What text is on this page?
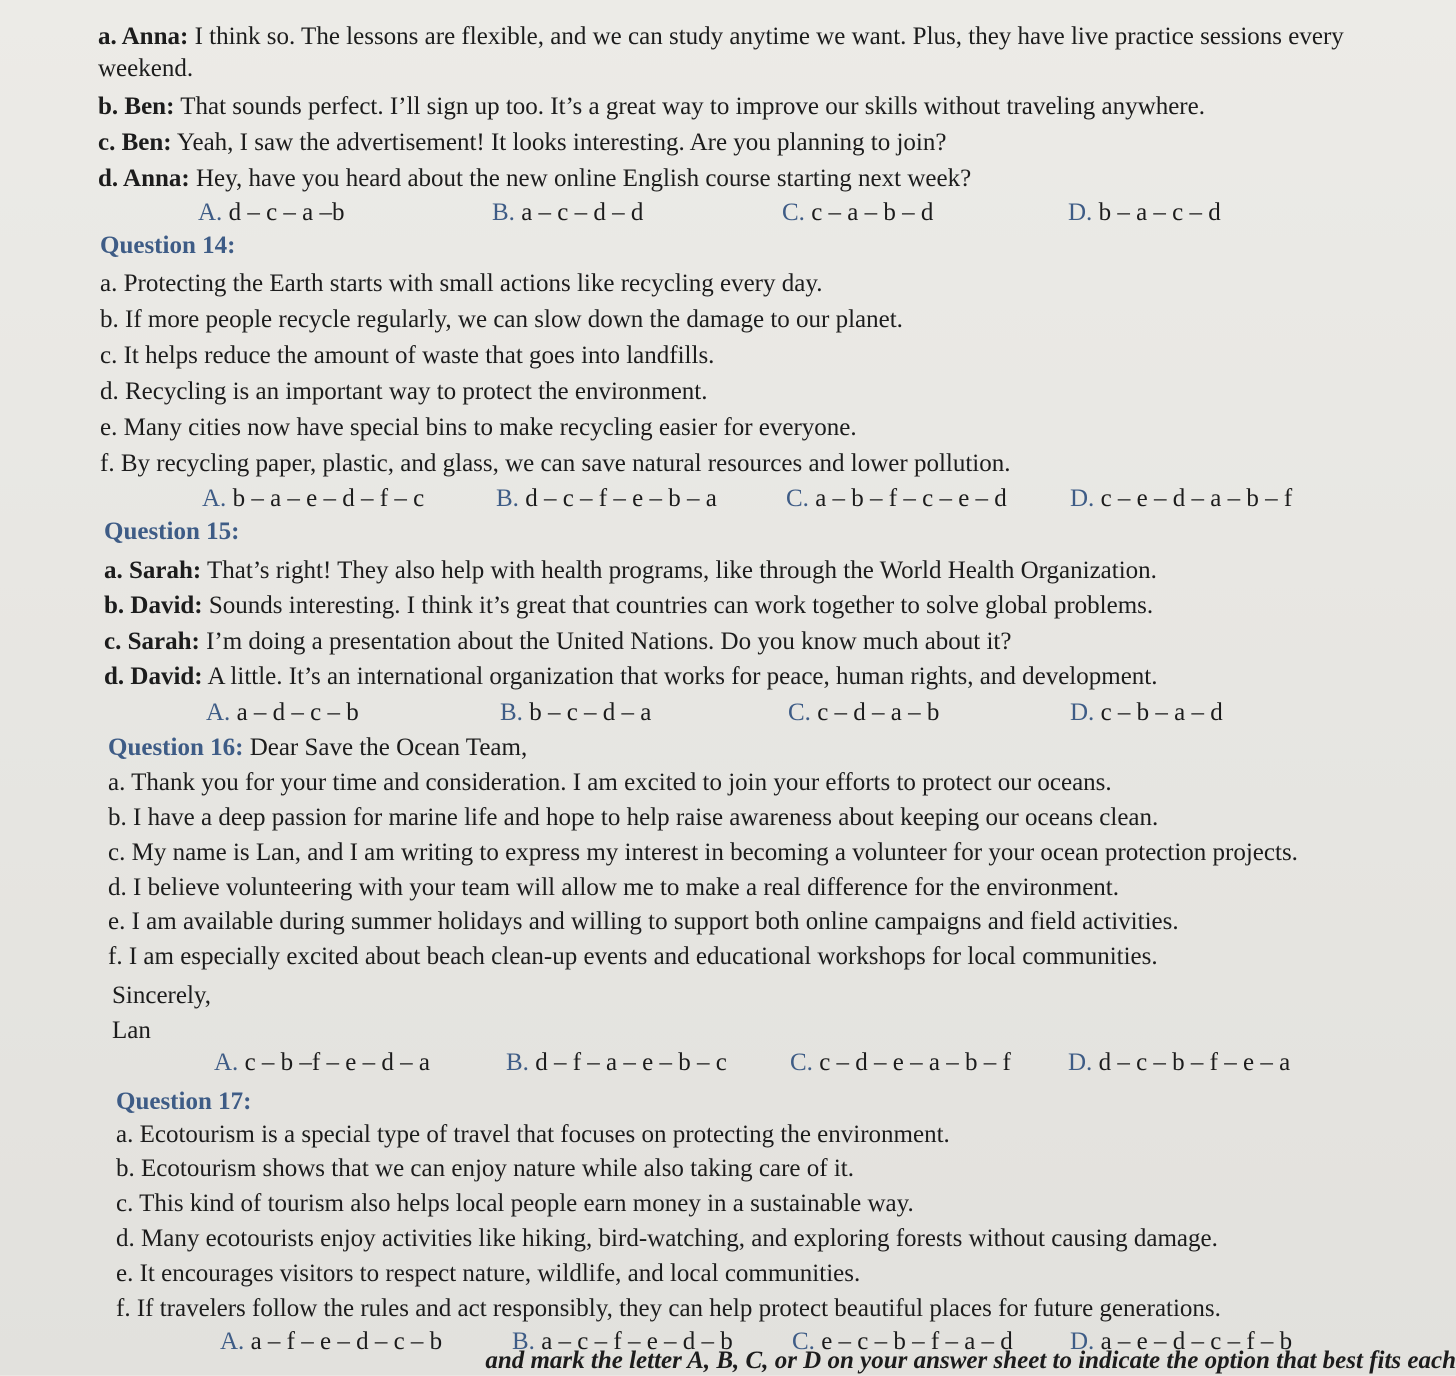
a. Anna: I think so. The lessons are flexible, and we can study anytime we want. Plus, they have live practice sessions every
weekend.
b. Ben: That sounds perfect. I’ll sign up too. It’s a great way to improve our skills without traveling anywhere.
c. Ben: Yeah, I saw the advertisement! It looks interesting. Are you planning to join?
d. Anna: Hey, have you heard about the new online English course starting next week?
A. d – c – a –b	B. a – c – d – d	C. c – a – b – d	D. b – a – c – d
Question 14:
a. Protecting the Earth starts with small actions like recycling every day.
b. If more people recycle regularly, we can slow down the damage to our planet.
c. It helps reduce the amount of waste that goes into landfills.
d. Recycling is an important way to protect the environment.
e. Many cities now have special bins to make recycling easier for everyone.
f. By recycling paper, plastic, and glass, we can save natural resources and lower pollution.
A. b – a – e – d – f – c	B. d – c – f – e – b – a	C. a – b – f – c – e – d	D. c – e – d – a – b – f
Question 15:
a. Sarah: That’s right! They also help with health programs, like through the World Health Organization.
b. David: Sounds interesting. I think it’s great that countries can work together to solve global problems.
c. Sarah: I’m doing a presentation about the United Nations. Do you know much about it?
d. David: A little. It’s an international organization that works for peace, human rights, and development.
A. a – d – c – b	B. b – c – d – a	C. c – d – a – b	D. c – b – a – d
Question 16: Dear Save the Ocean Team,
a. Thank you for your time and consideration. I am excited to join your efforts to protect our oceans.
b. I have a deep passion for marine life and hope to help raise awareness about keeping our oceans clean.
c. My name is Lan, and I am writing to express my interest in becoming a volunteer for your ocean protection projects.
d. I believe volunteering with your team will allow me to make a real difference for the environment.
e. I am available during summer holidays and willing to support both online campaigns and field activities.
f. I am especially excited about beach clean-up events and educational workshops for local communities.
Sincerely,
Lan
A. c – b –f – e – d – a	B. d – f – a – e – b – c	C. c – d – e – a – b – f D. d – c – b – f – e – a
Question 17:
a. Ecotourism is a special type of travel that focuses on protecting the environment.
b. Ecotourism shows that we can enjoy nature while also taking care of it.
c. This kind of tourism also helps local people earn money in a sustainable way.
d. Many ecotourists enjoy activities like hiking, bird-watching, and exploring forests without causing damage.
e. It encourages visitors to respect nature, wildlife, and local communities.
f. If travelers follow the rules and act responsibly, they can help protect beautiful places for future generations.
A. a – f – e – d – c – b	B. a – c – f – e – d – b C. e – c – b – f – a – d D. a – e – d – c – f – b
and mark the letter A, B, C, or D on your answer sheet to indicate the option that best fits each
